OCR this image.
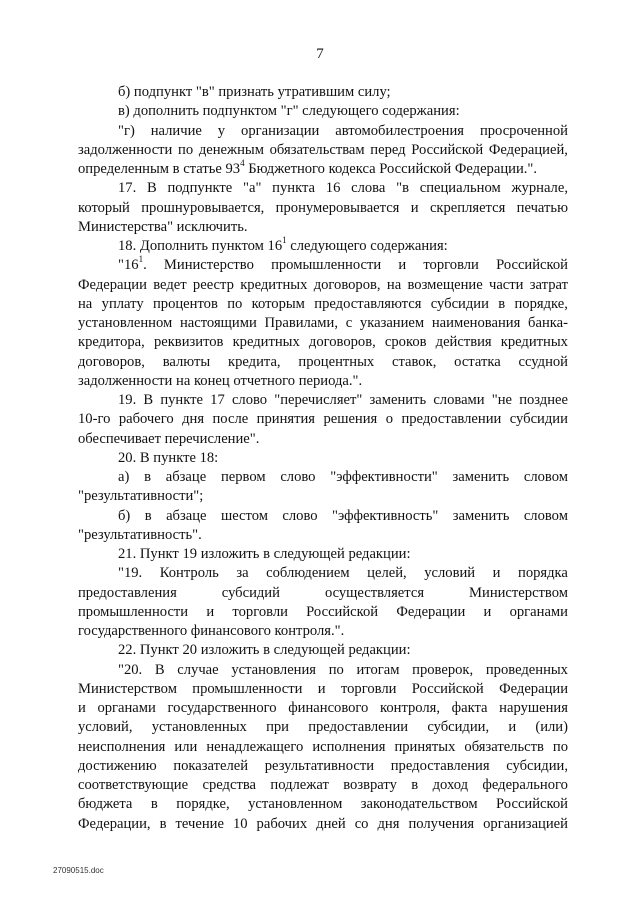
7
б) подпункт "в" признать утратившим силу;
в) дополнить подпунктом "г" следующего содержания:
"г) наличие у организации автомобилестроения просроченной
задолженности по денежным обязательствам перед Российской Федерацией,
определенным в статье $93^4$ Бюджетного кодекса Российской Федерации.".
17. В подпункте "а" пункта 16 слова "в специальном журнале,
который прошнуровывается, пронумеровывается и скрепляется печатью
Министерства" исключить.
18. Дополнить пунктом $16^1$ следующего содержания:
"$16^1$. Министерство промышленности и торговли Российской
Федерации ведет реестр кредитных договоров, на возмещение части затрат
на уплату процентов по которым предоставляются субсидии в порядке,
установленном настоящими Правилами, с указанием наименования банка-
кредитора, реквизитов кредитных договоров, сроков действия кредитных
договоров, валюты кредита, процентных ставок, остатка ссудной
задолженности на конец отчетного периода.".
19. В пункте 17 слово "перечисляет" заменить словами "не позднее
10-го рабочего дня после принятия решения о предоставлении субсидии
обеспечивает перечисление".
20. В пункте 18:
а) в абзаце первом слово "эффективности" заменить словом
"результативности";
б) в абзаце шестом слово "эффективность" заменить словом
"результативность".
21. Пункт 19 изложить в следующей редакции:
"19. Контроль за соблюдением целей, условий и порядка
предоставления	субсидий	осуществляется	Министерством
промышленности и торговли Российской Федерации и органами
государственного финансового контроля.".
22. Пункт 20 изложить в следующей редакции:
"20. В случае установления по итогам проверок, проведенных
Министерством промышленности и торговли Российской Федерации
и органами государственного финансового контроля, факта нарушения
условий, установленных при предоставлении субсидии, и (или)
неисполнения или ненадлежащего исполнения принятых обязательств по
достижению показателей результативности предоставления субсидии,
соответствующие средства подлежат возврату в доход федерального
бюджета в порядке, установленном законодательством Российской
Федерации, в течение 10 рабочих дней со дня получения организацией
27090515.doc
